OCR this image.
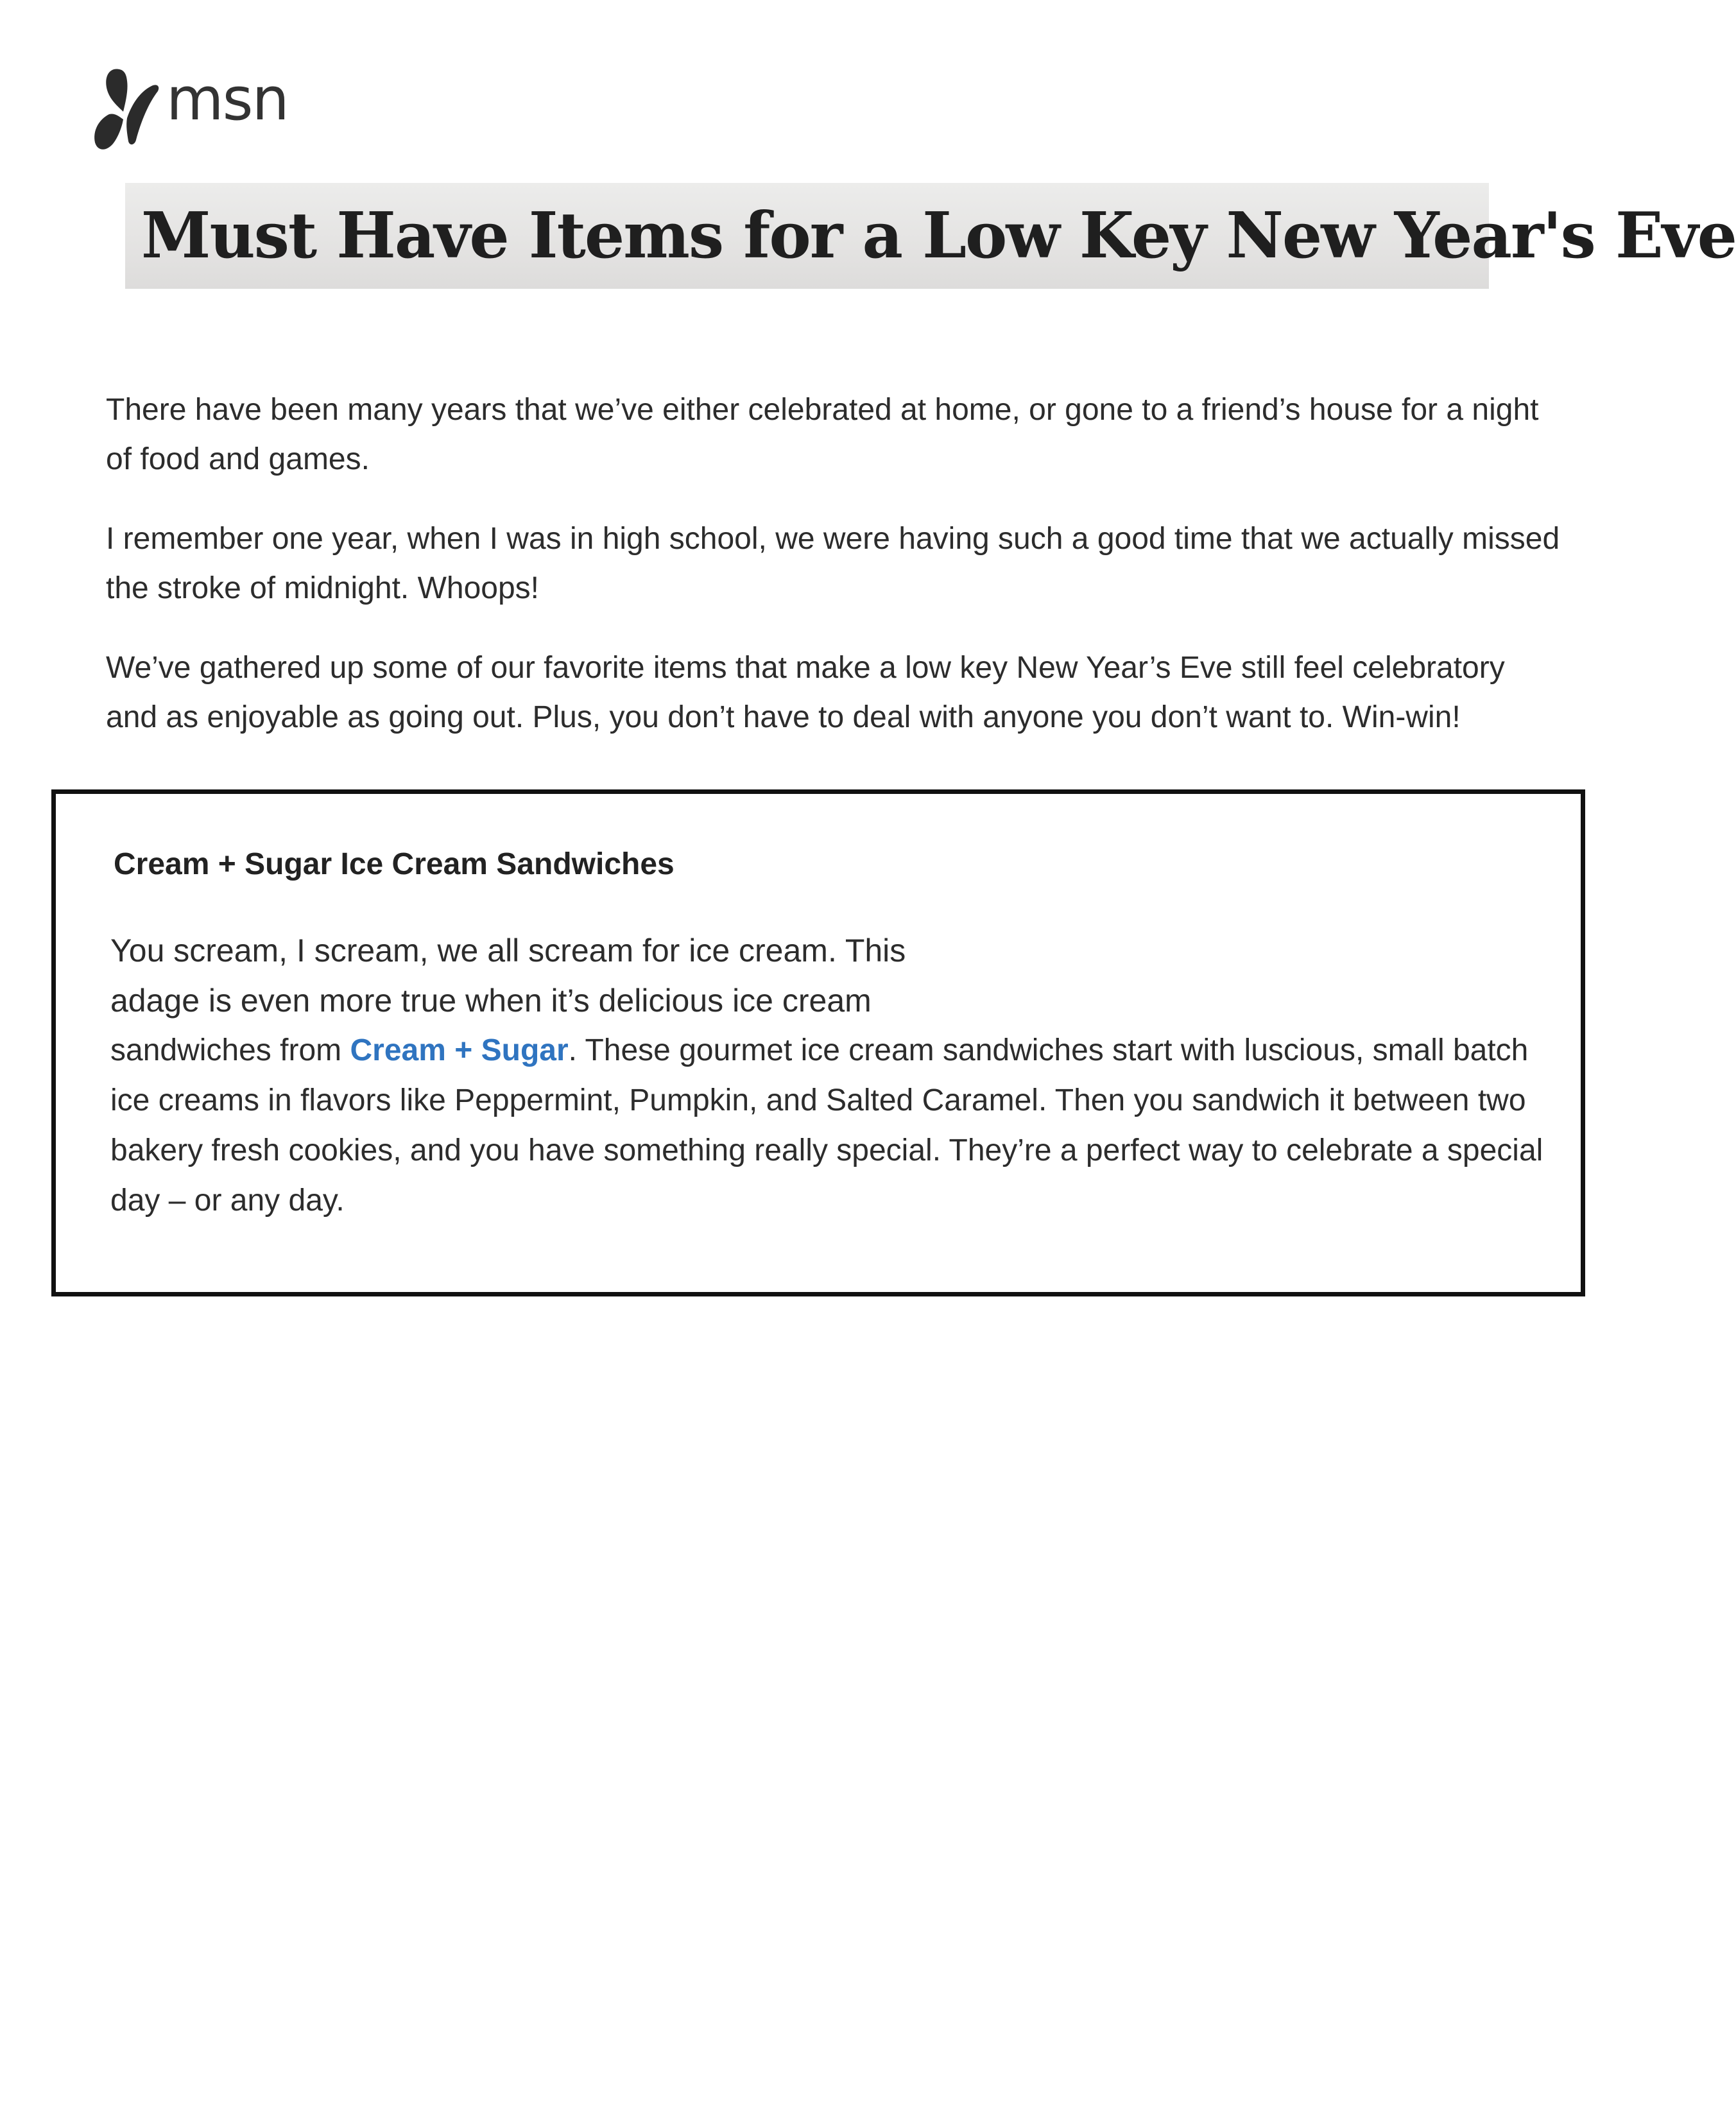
msn
Must Have Items for a Low Key New Year's Eve

There have been many years that we’ve either celebrated at home, or gone to a friend’s house for a night of food and games.

I remember one year, when I was in high school, we were having such a good time that we actually missed the stroke of midnight. Whoops!

We’ve gathered up some of our favorite items that make a low key New Year’s Eve still feel celebratory and as enjoyable as going out. Plus, you don’t have to deal with anyone you don’t want to. Win-win!

Cream + Sugar Ice Cream Sandwiches

You scream, I scream, we all scream for ice cream. This adage is even more true when it’s delicious ice cream
sandwiches from Cream + Sugar. These gourmet ice cream sandwiches start with luscious, small batch ice creams in flavors like Peppermint, Pumpkin, and Salted Caramel. Then you sandwich it between two bakery fresh cookies, and you have something really special. They’re a perfect way to celebrate a special day – or any day.
